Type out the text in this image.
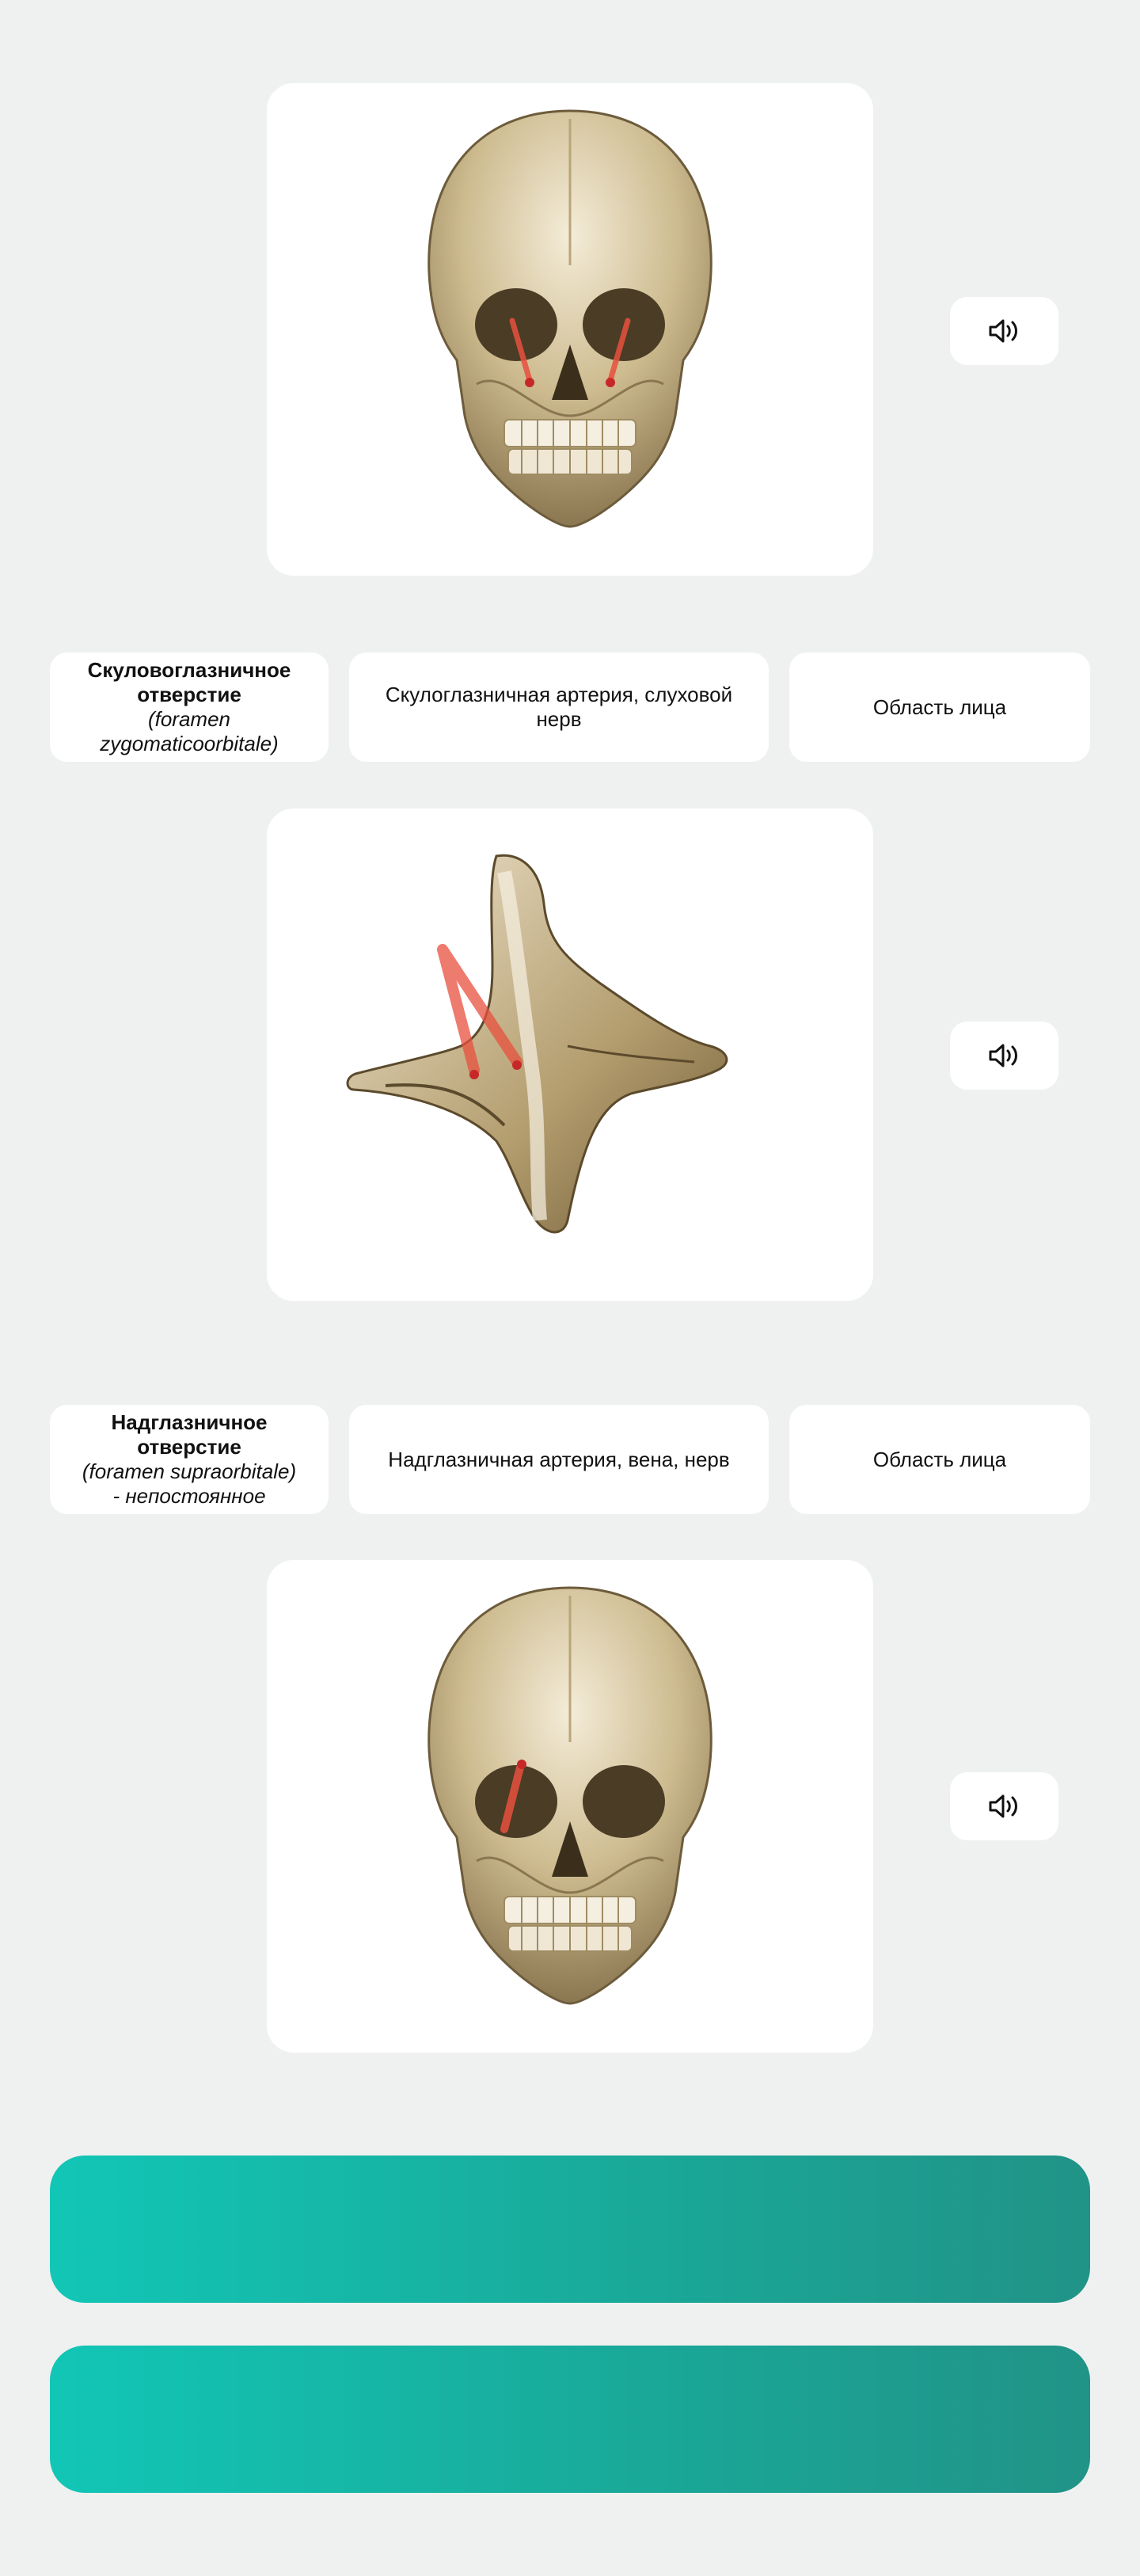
Скуловоглазничное отверстие
(foramen zygomaticoorbitale)
Скулоглазничная артерия, слуховой нерв
Область лица
Надглазничное отверстие
(foramen supraorbitale)
- непостоянное
Надглазничная артерия, вена, нерв	Область лица
